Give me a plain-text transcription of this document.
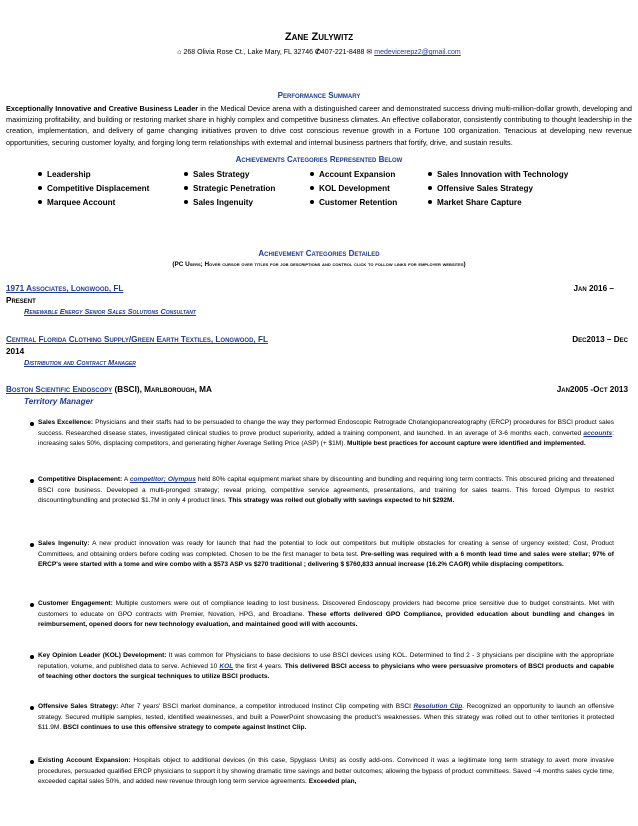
Zane Zulywitz
⌂ 268 Olivia Rose Ct., Lake Mary, FL 32746 ✆407-221-8488 ✉ medevicerepz2@gmail.com
Performance Summary
Exceptionally Innovative and Creative Business Leader in the Medical Device arena with a distinguished career and demonstrated success driving multi-million-dollar growth, developing and maximizing profitability, and building or restoring market share in highly complex and competitive business climates. An effective collaborator, consistently contributing to thought leadership in the creation, implementation, and delivery of game changing initiatives proven to drive cost conscious revenue growth in a Fortune 100 organization. Tenacious at developing new revenue opportunities, securing customer loyalty, and forging long term relationships with external and internal business partners that fortify, drive, and sustain results.
Achievements Categories Represented Below
Leadership
Competitive Displacement
Marquee Account
Sales Strategy
Strategic Penetration
Sales Ingenuity
Account Expansion
KOL Development
Customer Retention
Sales Innovation with Technology
Offensive Sales Strategy
Market Share Capture
Achievement Categories Detailed
(PC Users; Hover cursor over titles for job descriptions and control click to follow links for employer websites)
1971 Associates, Longwood, FL	Jan 2016 –
Present
Renewable Energy Senior Sales Solutions Consultant
Central Florida Clothing Supply/Green Earth Textiles, Longwood, FL	Dec2013 – Dec
2014
Distribution and Contract Manager
Boston Scientific Endoscopy (BSCI), Marlborough, MA	Jan2005 -Oct 2013
Territory Manager
Sales Excellence: Physicians and their staffs had to be persuaded to change the way they performed Endoscopic Retrograde Cholangiopancreatography (ERCP) procedures for BSCI product sales success. Researched disease states, investigated clinical studies to prove product superiority, added a training component, and launched. In an average of 3-6 months each, converted accounts: increasing sales 50%, displacing competitors, and generating higher Average Selling Price (ASP) (+ $1M). Multiple best practices for account capture were identified and implemented.
Competitive Displacement: A competitor; Olympus held 80% capital equipment market share by discounting and bundling and requiring long term contracts. This obscured pricing and threatened BSCI core business. Developed a multi-pronged strategy; reveal pricing, competitive service agreements, presentations, and training for sales teams. This forced Olympus to restrict discounting/bundling and protected $1.7M in only 4 product lines. This strategy was rolled out globally with savings expected to hit $292M.
Sales Ingenuity: A new product innovation was ready for launch that had the potential to lock out competitors but multiple obstacles for creating a sense of urgency existed; Cost, Product Committees, and obtaining orders before coding was completed. Chosen to be the first manager to beta test. Pre-selling was required with a 6 month lead time and sales were stellar; 97% of ERCP's were started with a tome and wire combo with a $573 ASP vs $270 traditional ; delivering $ $760,833 annual increase (16.2% CAGR) while displacing competitors.
Customer Engagement: Multiple customers were out of compliance leading to lost business. Discovered Endoscopy providers had become price sensitive due to budget constraints. Met with customers to educate on GPO contracts with Premier, Novation, HPG, and Broadlane. These efforts delivered GPO Compliance, provided education about bundling and changes in reimbursement, opened doors for new technology evaluation, and maintained good will with accounts.
Key Opinion Leader (KOL) Development: It was common for Physicians to base decisions to use BSCI devices using KOL. Determined to find 2 - 3 physicians per discipline with the appropriate reputation, volume, and published data to serve. Achieved 10 KOL the first 4 years. This delivered BSCI access to physicians who were persuasive promoters of BSCI products and capable of teaching other doctors the surgical techniques to utilize BSCI products.
Offensive Sales Strategy: After 7 years' BSCI market dominance, a competitor introduced Instinct Clip competing with BSCI Resolution Clip. Recognized an opportunity to launch an offensive strategy. Secured multiple samples, tested, identified weaknesses, and built a PowerPoint showcasing the product's weaknesses. When this strategy was rolled out to other territories it protected $11.9M. BSCI continues to use this offensive strategy to compete against Instinct Clip.
Existing Account Expansion: Hospitals object to additional devices (in this case, Spyglass Units) as costly add-ons. Convinced it was a legitimate long term strategy to avert more invasive procedures, persuaded qualified ERCP physicians to support it by showing dramatic time savings and better outcomes; allowing the bypass of product committees. Saved ~4 months sales cycle time, exceeded capital sales 50%, and added new revenue through long term service agreements. Exceeded plan,
